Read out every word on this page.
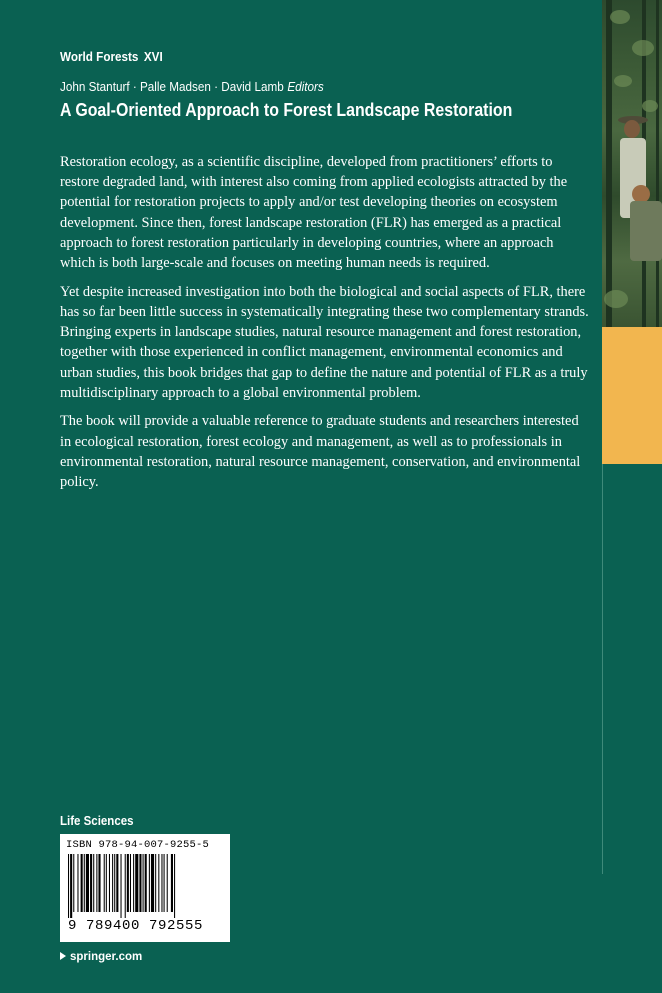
World Forests XVI
John Stanturf · Palle Madsen · David Lamb Editors
A Goal-Oriented Approach to Forest Landscape Restoration

Restoration ecology, as a scientific discipline, developed from practitioners’ efforts to restore degraded land, with interest also coming from applied ecologists attracted by the potential for restoration projects to apply and/or test developing theories on ecosystem development. Since then, forest landscape restoration (FLR) has emerged as a practical approach to forest restoration particularly in developing countries, where an approach which is both large-scale and focuses on meeting human needs is required.

Yet despite increased investigation into both the biological and social aspects of FLR, there has so far been little success in systematically integrating these two complementary strands. Bringing experts in landscape studies, natural resource management and forest restoration, together with those experienced in conflict management, environmental economics and urban studies, this book bridges that gap to define the nature and potential of FLR as a truly multidisciplinary approach to a global environmental problem.

The book will provide a valuable reference to graduate students and researchers interested in ecological restoration, forest ecology and management, as well as to professionals in environmental restoration, natural resource management, conservation, and environmental policy.

Life Sciences
ISBN 978-94-007-9255-5
9 789400 792555
springer.com
